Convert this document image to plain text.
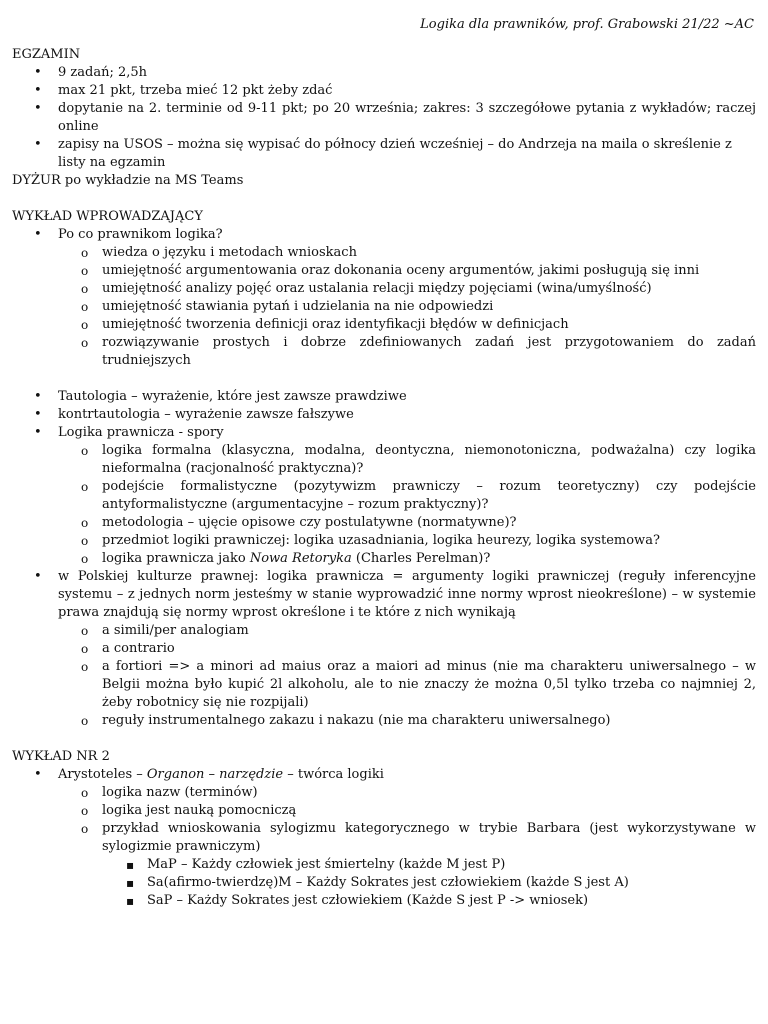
Logika dla prawników, prof. Grabowski 21/22 ~AC
EGZAMIN
• 9 zadań; 2,5h
• max 21 pkt, trzeba mieć 12 pkt żeby zdać
• dopytanie na 2. terminie od 9-11 pkt; po 20 września; zakres: 3 szczegółowe pytania z wykładów; raczej online
• zapisy na USOS – można się wypisać do północy dzień wcześniej – do Andrzeja na maila o skreślenie z listy na egzamin
DYŻUR po wykładzie na MS Teams
WYKŁAD WPROWADZAJĄCY
• Po co prawnikom logika?
o wiedza o języku i metodach wnioskach
o umiejętność argumentowania oraz dokonania oceny argumentów, jakimi posługują się inni
o umiejętność analizy pojęć oraz ustalania relacji między pojęciami (wina/umyślność)
o umiejętność stawiania pytań i udzielania na nie odpowiedzi
o umiejętność tworzenia definicji oraz identyfikacji błędów w definicjach
o rozwiązywanie prostych i dobrze zdefiniowanych zadań jest przygotowaniem do zadań trudniejszych
• Tautologia – wyrażenie, które jest zawsze prawdziwe
• kontrtautologia – wyrażenie zawsze fałszywe
• Logika prawnicza - spory
o logika formalna (klasyczna, modalna, deontyczna, niemonotoniczna, podważalna) czy logika nieformalna (racjonalność praktyczna)?
o podejście formalistyczne (pozytywizm prawniczy – rozum teoretyczny) czy podejście antyformalistyczne (argumentacyjne – rozum praktyczny)?
o metodologia – ujęcie opisowe czy postulatywne (normatywne)?
o przedmiot logiki prawniczej: logika uzasadniania, logika heurezy, logika systemowa?
o logika prawnicza jako Nowa Retoryka (Charles Perelman)?
• w Polskiej kulturze prawnej: logika prawnicza = argumenty logiki prawniczej (reguły inferencyjne systemu – z jednych norm jesteśmy w stanie wyprowadzić inne normy wprost nieokreślone) – w systemie prawa znajdują się normy wprost określone i te które z nich wynikają
o a simili/per analogiam
o a contrario
o a fortiori => a minori ad maius oraz a maiori ad minus (nie ma charakteru uniwersalnego – w Belgii można było kupić 2l alkoholu, ale to nie znaczy że można 0,5l tylko trzeba co najmniej 2, żeby robotnicy się nie rozpijali)
o reguły instrumentalnego zakazu i nakazu (nie ma charakteru uniwersalnego)
WYKŁAD NR 2
• Arystoteles – Organon – narzędzie – twórca logiki
o logika nazw (terminów)
o logika jest nauką pomocniczą
o przykład wnioskowania sylogizmu kategorycznego w trybie Barbara (jest wykorzystywane w sylogizmie prawniczym)
▪ MaP – Każdy człowiek jest śmiertelny (każde M jest P)
▪ Sa(afirmo-twierdzę)M – Każdy Sokrates jest człowiekiem (każde S jest A)
▪ SaP – Każdy Sokrates jest człowiekiem (Każde S jest P -> wniosek)
